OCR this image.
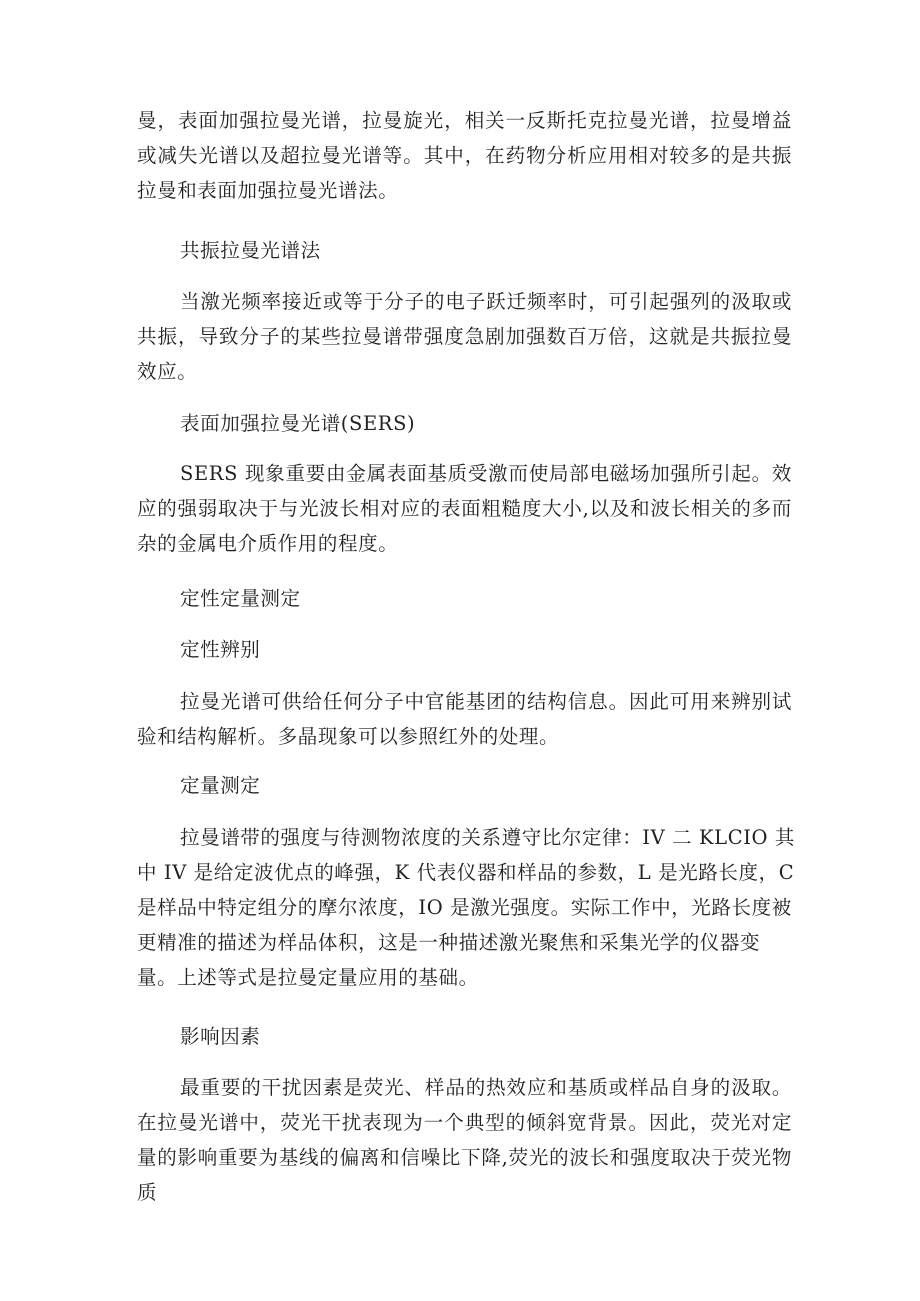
曼，表面加强拉曼光谱，拉曼旋光，相关一反斯托克拉曼光谱，拉曼增益或减失光谱以及超拉曼光谱等。其中，在药物分析应用相对较多的是共振拉曼和表面加强拉曼光谱法。

共振拉曼光谱法

当激光频率接近或等于分子的电子跃迁频率时，可引起强列的汲取或共振，导致分子的某些拉曼谱带强度急剧加强数百万倍，这就是共振拉曼效应。

表面加强拉曼光谱(SERS)

SERS 现象重要由金属表面基质受激而使局部电磁场加强所引起。效应的强弱取决于与光波长相对应的表面粗糙度大小,以及和波长相关的多而杂的金属电介质作用的程度。

定性定量测定

定性辨别

拉曼光谱可供给任何分子中官能基团的结构信息。因此可用来辨别试验和结构解析。多晶现象可以参照红外的处理。

定量测定

拉曼谱带的强度与待测物浓度的关系遵守比尔定律：IV 二 KLCIO 其
中 IV 是给定波优点的峰强，K 代表仪器和样品的参数，L 是光路长度，C
是样品中特定组分的摩尔浓度，IO 是激光强度。实际工作中，光路长度被
更精准的描述为样品体积，这是一种描述激光聚焦和采集光学的仪器变
量。上述等式是拉曼定量应用的基础。

影响因素

最重要的干扰因素是荧光、样品的热效应和基质或样品自身的汲取。在拉曼光谱中，荧光干扰表现为一个典型的倾斜宽背景。因此，荧光对定量的影响重要为基线的偏离和信噪比下降,荧光的波长和强度取决于荧光物质
